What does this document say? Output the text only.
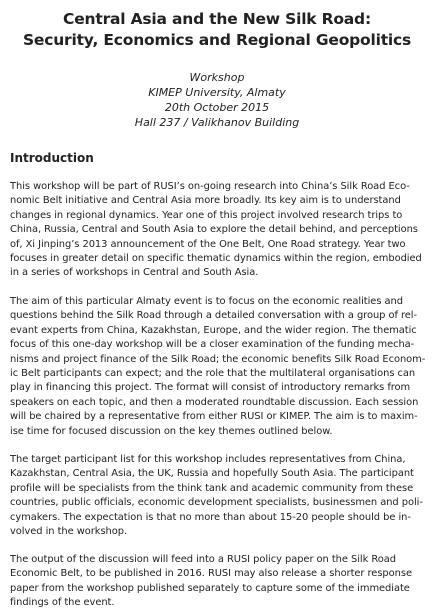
Central Asia and the New Silk Road:
Security, Economics and Regional Geopolitics
Workshop
KIMEP University, Almaty
20th October 2015
Hall 237 / Valikhanov Building
Introduction
This workshop will be part of RUSI’s on-going research into China’s Silk Road Eco-
nomic Belt initiative and Central Asia more broadly. Its key aim is to understand
changes in regional dynamics. Year one of this project involved research trips to
China, Russia, Central and South Asia to explore the detail behind, and perceptions
of, Xi Jinping’s 2013 announcement of the One Belt, One Road strategy. Year two
focuses in greater detail on specific thematic dynamics within the region, embodied
in a series of workshops in Central and South Asia.
The aim of this particular Almaty event is to focus on the economic realities and
questions behind the Silk Road through a detailed conversation with a group of rel-
evant experts from China, Kazakhstan, Europe, and the wider region. The thematic
focus of this one-day workshop will be a closer examination of the funding mecha-
nisms and project finance of the Silk Road; the economic benefits Silk Road Econom-
ic Belt participants can expect; and the role that the multilateral organisations can
play in financing this project. The format will consist of introductory remarks from
speakers on each topic, and then a moderated roundtable discussion. Each session
will be chaired by a representative from either RUSI or KIMEP. The aim is to maxim-
ise time for focused discussion on the key themes outlined below.
The target participant list for this workshop includes representatives from China,
Kazakhstan, Central Asia, the UK, Russia and hopefully South Asia. The participant
profile will be specialists from the think tank and academic community from these
countries, public officials, economic development specialists, businessmen and poli-
cymakers. The expectation is that no more than about 15-20 people should be in-
volved in the workshop.
The output of the discussion will feed into a RUSI policy paper on the Silk Road
Economic Belt, to be published in 2016. RUSI may also release a shorter response
paper from the workshop published separately to capture some of the immediate
findings of the event.
